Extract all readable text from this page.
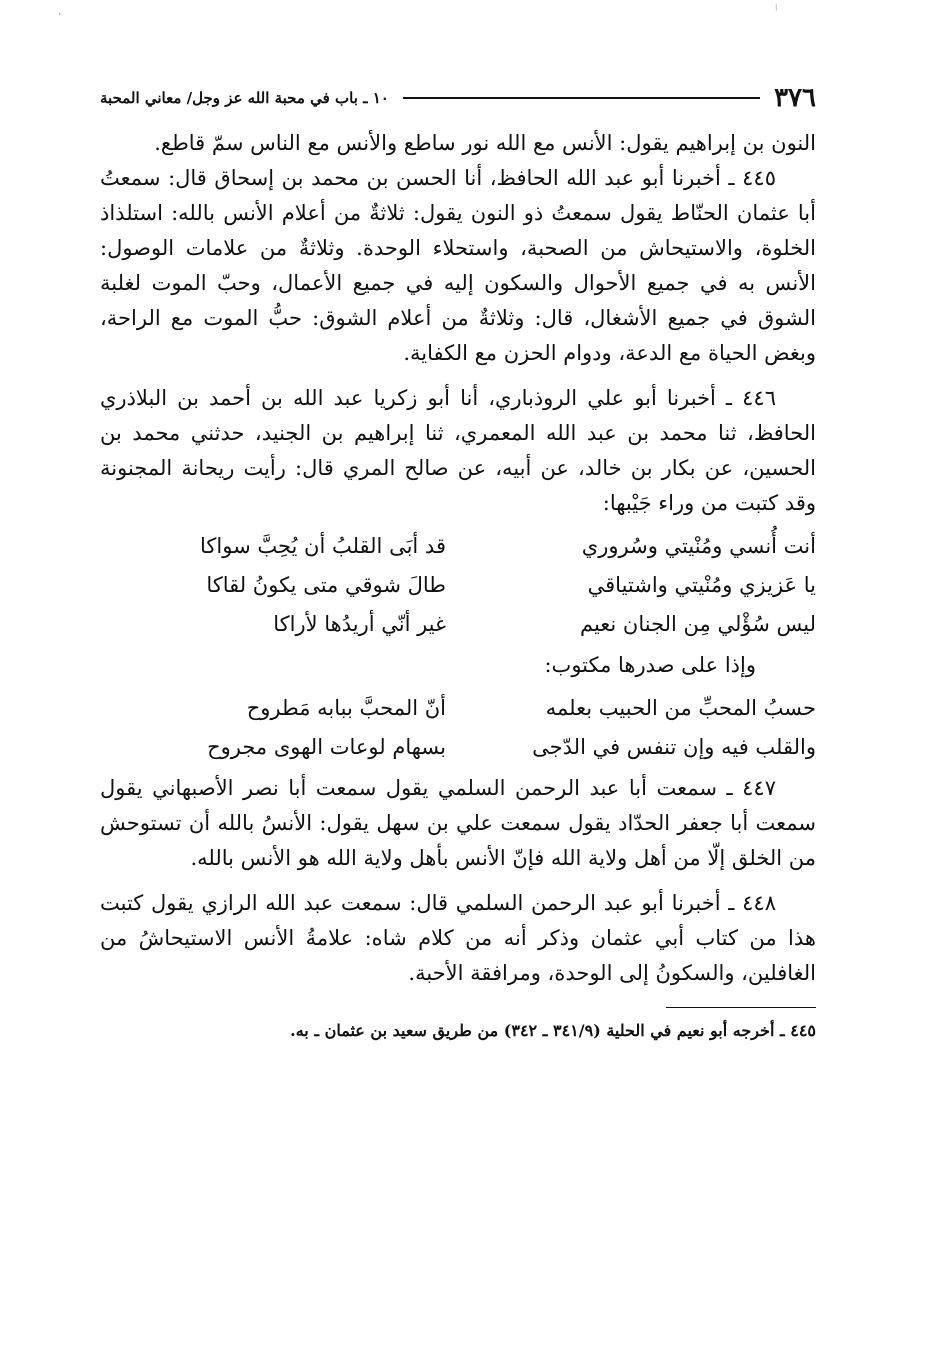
٬
ا
٣٧٦
١٠ ـ باب في محبة الله عز وجل/ معاني المحبة

النون بن إبراهيم يقول: الأنس مع الله نور ساطع والأنس مع الناس سمّ قاطع.

٤٤٥ ـ أخبرنا أبو عبد الله الحافظ، أنا الحسن بن محمد بن إسحاق قال: سمعتُ أبا عثمان الحنّاط يقول سمعتُ ذو النون يقول: ثلاثةٌ من أعلام الأنس بالله: استلذاذ الخلوة، والاستيحاش من الصحبة، واستحلاء الوحدة. وثلاثةٌ من علامات الوصول: الأنس به في جميع الأحوال والسكون إليه في جميع الأعمال، وحبّ الموت لغلبة الشوق في جميع الأشغال، قال: وثلاثةٌ من أعلام الشوق: حبُّ الموت مع الراحة، وبغض الحياة مع الدعة، ودوام الحزن مع الكفاية.

٤٤٦ ـ أخبرنا أبو علي الروذباري، أنا أبو زكريا عبد الله بن أحمد بن البلاذري الحافظ، ثنا محمد بن عبد الله المعمري، ثنا إبراهيم بن الجنيد، حدثني محمد بن الحسين، عن بكار بن خالد، عن أبيه، عن صالح المري قال: رأيت ريحانة المجنونة وقد كتبت من وراء جَيْبها:

أنت أُنسي ومُنْيتي وسُروري
قد أبَى القلبُ أن يُحِبَّ سواكا
يا عَزيزي ومُنْيتي واشتياقي
طالَ شوقي متى يكونُ لقاكا
ليس سُؤْلي مِن الجنان نعيم
غير أنّي أريدُها لأراكا
وإذا على صدرها مكتوب:
حسبُ المحبِّ من الحبيب بعلمه
أنّ المحبَّ ببابه مَطروح
والقلب فيه وإن تنفس في الدّجى
بسهام لوعات الهوى مجروح

٤٤٧ ـ سمعت أبا عبد الرحمن السلمي يقول سمعت أبا نصر الأصبهاني يقول سمعت أبا جعفر الحدّاد يقول سمعت علي بن سهل يقول: الأنسُ بالله أن تستوحش من الخلق إلّا من أهل ولاية الله فإنّ الأنس بأهل ولاية الله هو الأنس بالله.

٤٤٨ ـ أخبرنا أبو عبد الرحمن السلمي قال: سمعت عبد الله الرازي يقول كتبت هذا من كتاب أبي عثمان وذكر أنه من كلام شاه: علامةُ الأنس الاستيحاشُ من الغافلين، والسكونُ إلى الوحدة، ومرافقة الأحبة.

٤٤٥ ـ أخرجه أبو نعيم في الحلية (٣٤١/٩ ـ ٣٤٢) من طريق سعيد بن عثمان ـ به.
